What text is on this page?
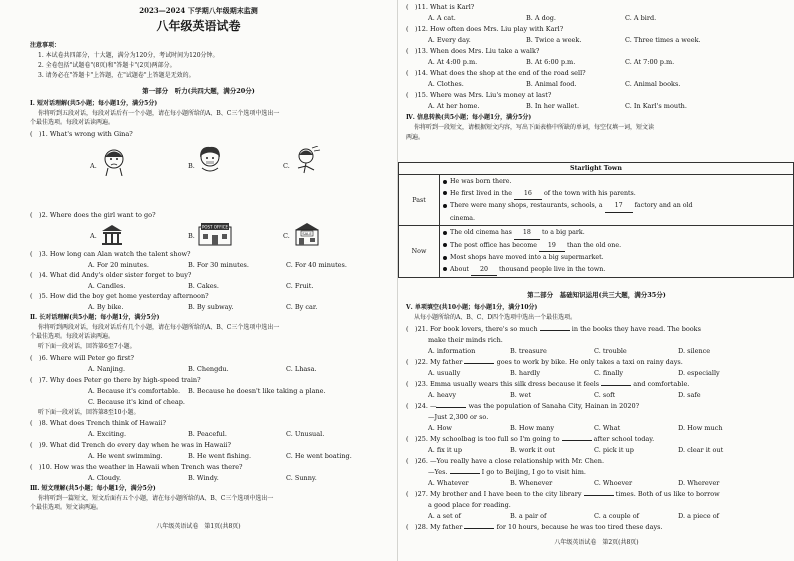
2023—2024 下学期八年级期末监测
八年级英语试卷
注意事项：
1. 本试卷共四部分，十大题，满分为120分，考试时间为120分钟。
2. 全卷包括"试题卷"(8页)和"答题卡"(2页)两部分。
3. 请务必在"答题卡"上答题，在"试题卷"上答题是无效的。
第一部分　听力(共四大题，满分20分)
Ⅰ. 短对话理解(共5小题；每小题1分，满分5分)
你将听到五段对话，每段对话后有一个小题，请在每小题所给的A、B、C三个选项中选出一
个最佳选项。每段对话读两遍。
(　)1. What's wrong with Gina?
A.	B.	C.
(　)2. Where does the girl want to go?
A.	B.
POST OFFICE
C.	SALE
(　)3. How long can Alan watch the talent show?
A. For 20 minutes.	B. For 30 minutes.	C. For 40 minutes.
(　)4. What did Andy's older sister forget to buy?
A. Candles.	B. Cakes.	C. Fruit.
(　)5. How did the boy get home yesterday afternoon?
A. By bike.	B. By subway.	C. By car.
Ⅱ. 长对话理解(共5小题；每小题1分，满分5分)
你将听到两段对话，每段对话后有几个小题，请在每小题所给的A、B、C三个选项中选出一
个最佳选项。每段对话读两遍。
听下面一段对话，回答第6至7小题。
(　)6. Where will Peter go first?
A. Nanjing.	B. Chengdu.	C. Lhasa.
(　)7. Why does Peter go there by high-speed train?
A. Because it's comfortable. B. Because he doesn't like taking a plane.
C. Because it's kind of cheap.
听下面一段对话，回答第8至10小题。
(　)8. What does Trench think of Hawaii?
A. Exciting.	B. Peaceful.	C. Unusual.
(　)9. What did Trench do every day when he was in Hawaii?
A. He went swimming.	B. He went fishing.	C. He went boating.
(　)10. How was the weather in Hawaii when Trench was there?
A. Cloudy.	B. Windy.	C. Sunny.
Ⅲ. 短文理解(共5小题；每小题1分，满分5分)
你将听到一篇短文，短文后面有五个小题，请在每小题所给的A、B、C三个选项中选出一
个最佳选项。短文读两遍。
八年级英语试卷　第1页(共8页)
(　)11. What is Karl?
A. A cat.	B. A dog.	C. A bird.
(　)12. How often does Mrs. Liu play with Karl?
A. Every day.	B. Twice a week.	C. Three times a week.
(　)13. When does Mrs. Liu take a walk?
A. At 4:00 p.m.	B. At 6:00 p.m.	C. At 7:00 p.m.
(　)14. What does the shop at the end of the road sell?
A. Clothes.	B. Animal food.	C. Animal books.
(　)15. Where was Mrs. Liu's money at last?
A. At her home.	B. In her wallet.	C. In Karl's mouth.
Ⅳ. 信息转换(共5小题；每小题1分，满分5分)
你将听到一段短文，请根据短文内容，写出下面表格中所缺的单词，每空仅填一词，短文读
两遍。
Starlight Town	
Past	He was born there.
He first lived in the 16 of the town with his parents.
There were many shops, restaurants, schools, a 17 factory and an old
cinema.

Now	The old cinema has 18 to a big park.
The post office has become 19 than the old one.
Most shops have moved into a big supermarket.
About 20 thousand people live in the town.
第二部分　基础知识运用(共三大题，满分35分)
Ⅴ. 单项填空(共10小题；每小题1分，满分10分)
从每小题所给的A、B、C、D四个选项中选出一个最佳选项。
(　)21. For book lovers, there's so much	in the books they have read. The books
make their minds rich.
A. information	B. treasure	C. trouble	D. silence
(　)22. My father	goes to work by bike. He only takes a taxi on rainy days.
A. usually	B. hardly	C. finally	D. especially
(　)23. Emma usually wears this silk dress because it feels	and comfortable.
A. heavy	B. wet	C. soft	D. safe
(　)24. —	was the population of Sanaha City, Hainan in 2020?
—Just 2,300 or so.
A. How	B. How many	C. What	D. How much
(　)25. My schoolbag is too full so I'm going to	after school today.
A. fix it up	B. work it out	C. pick it up	D. clear it out
(　)26. —You really have a close relationship with Mr. Chen.
—Yes.	I go to Beijing, I go to visit him.
A. Whatever	B. Whenever	C. Whoever	D. Wherever
(　)27. My brother and I have been to the city library	times. Both of us like to borrow
a good place for reading.
A. a set of	B. a pair of	C. a couple of	D. a piece of
(　)28. My father	for 10 hours, because he was too tired these days.
八年级英语试卷　第2页(共8页)
